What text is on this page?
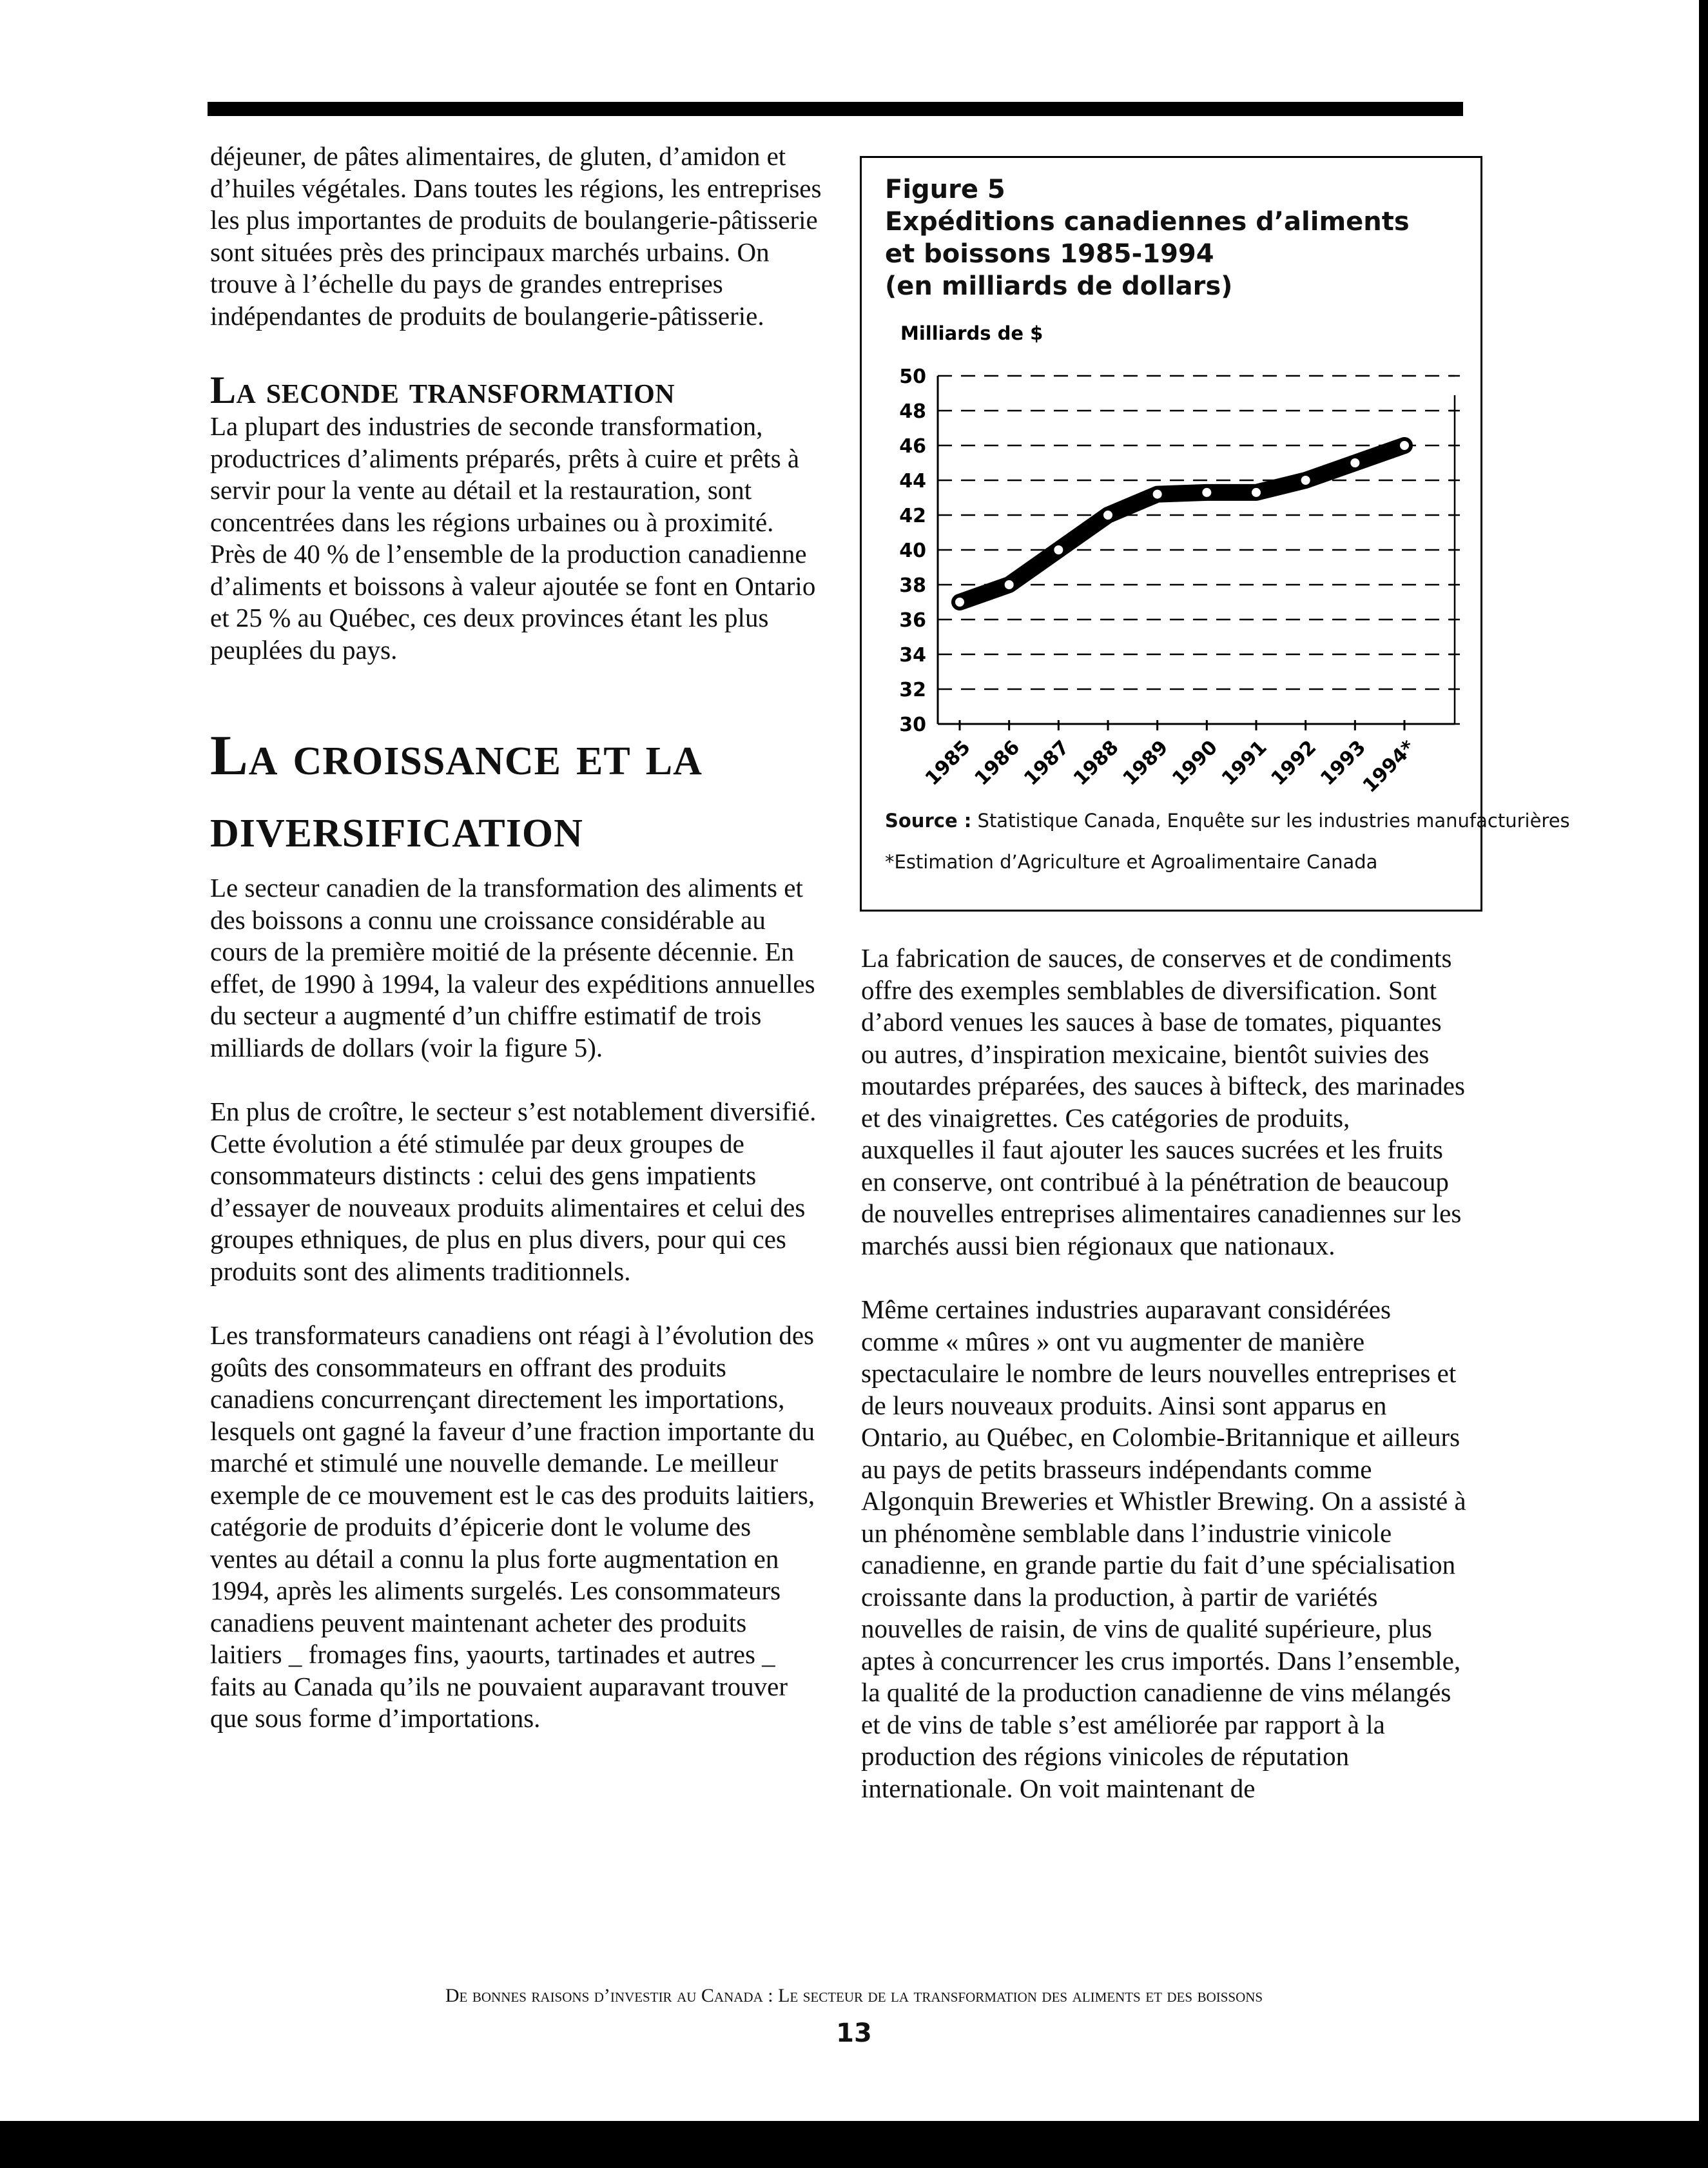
déjeuner, de pâtes alimentaires, de gluten, d’amidon et d’huiles végétales. Dans toutes les régions, les entreprises les plus importantes de produits de boulangerie-pâtisserie sont situées près des principaux marchés urbains. On trouve à l’échelle du pays de grandes entreprises indépendantes de produits de boulangerie-pâtisserie.

La seconde transformation

La plupart des industries de seconde transformation, productrices d’aliments préparés, prêts à cuire et prêts à servir pour la vente au détail et la restauration, sont concentrées dans les régions urbaines ou à proximité. Près de 40 % de l’ensemble de la production canadienne d’aliments et boissons à valeur ajoutée se font en Ontario et 25 % au Québec, ces deux provinces étant les plus peuplées du pays.

La croissance et la diversification

Le secteur canadien de la transformation des aliments et des boissons a connu une croissance considérable au cours de la première moitié de la présente décennie. En effet, de 1990 à 1994, la valeur des expéditions annuelles du secteur a augmenté d’un chiffre estimatif de trois milliards de dollars (voir la figure 5).

En plus de croître, le secteur s’est notablement diversifié. Cette évolution a été stimulée par deux groupes de consommateurs distincts : celui des gens impatients d’essayer de nouveaux produits alimentaires et celui des groupes ethniques, de plus en plus divers, pour qui ces produits sont des aliments traditionnels.

Les transformateurs canadiens ont réagi à l’évolution des goûts des consommateurs en offrant des produits canadiens concurrençant directement les importations, lesquels ont gagné la faveur d’une fraction importante du marché et stimulé une nouvelle demande. Le meilleur exemple de ce mouvement est le cas des produits laitiers, catégorie de produits d’épicerie dont le volume des ventes au détail a connu la plus forte augmentation en 1994, après les aliments surgelés. Les consommateurs canadiens peuvent maintenant acheter des produits laitiers _ fromages fins, yaourts, tartinades et autres _ faits au Canada qu’ils ne pouvaient auparavant trouver que sous forme d’importations.

Figure 5
Expéditions canadiennes d’aliments
et boissons 1985-1994
(en milliards de dollars)
Milliards de $
30
32
34
36
38
40
42
44
46
48
50
1985
1986
1987
1988
1989
1990
1991
1992
1993
1994*
Source : Statistique Canada, Enquête sur les industries manufacturières
*Estimation d’Agriculture et Agroalimentaire Canada

La fabrication de sauces, de conserves et de condiments offre des exemples semblables de diversification. Sont d’abord venues les sauces à base de tomates, piquantes ou autres, d’inspiration mexicaine, bientôt suivies des moutardes préparées, des sauces à bifteck, des marinades et des vinaigrettes. Ces catégories de produits, auxquelles il faut ajouter les sauces sucrées et les fruits en conserve, ont contribué à la pénétration de beaucoup de nouvelles entreprises alimentaires canadiennes sur les marchés aussi bien régionaux que nationaux.

Même certaines industries auparavant considérées comme « mûres » ont vu augmenter de manière spectaculaire le nombre de leurs nouvelles entreprises et de leurs nouveaux produits. Ainsi sont apparus en Ontario, au Québec, en Colombie-Britannique et ailleurs au pays de petits brasseurs indépendants comme Algonquin Breweries et Whistler Brewing. On a assisté à un phénomène semblable dans l’industrie vinicole canadienne, en grande partie du fait d’une spécialisation croissante dans la production, à partir de variétés nouvelles de raisin, de vins de qualité supérieure, plus aptes à concurrencer les crus importés. Dans l’ensemble, la qualité de la production canadienne de vins mélangés et de vins de table s’est améliorée par rapport à la production des régions vinicoles de réputation internationale. On voit maintenant de

De bonnes raisons d’investir au Canada : Le secteur de la transformation des aliments et des boissons
13
